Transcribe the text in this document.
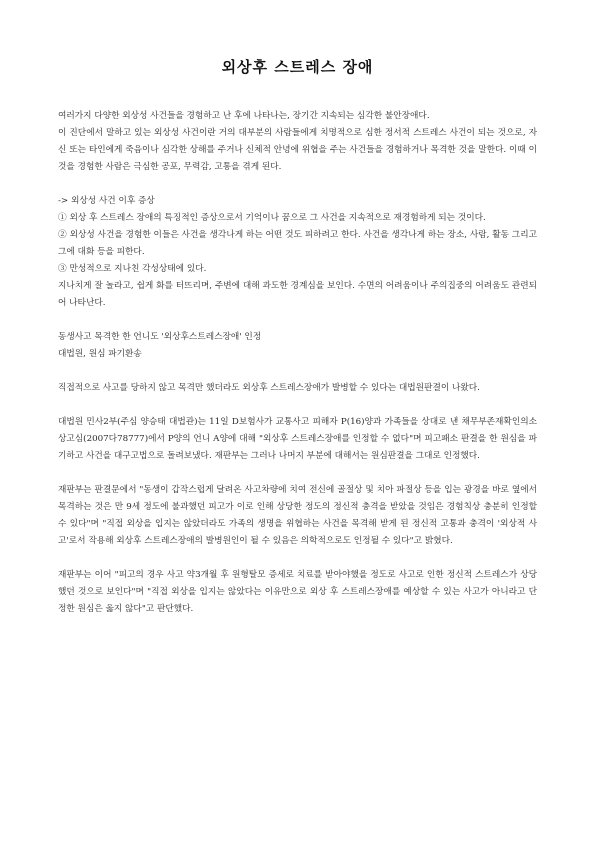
외상후 스트레스 장애

여러가지 다양한 외상성 사건들을 경험하고 난 후에 나타나는, 장기간 지속되는 심각한 불안장애다.

이 진단에서 말하고 있는 외상성 사건이란 거의 대부분의 사람들에게 치명적으로 심한 정서적 스트레스 사건이 되는 것으로, 자신 또는 타인에게 죽음이나 심각한 상해를 주거나 신체적 안녕에 위협을 주는 사건들을 경험하거나 목격한 것을 말한다. 이때 이것을 경험한 사람은 극심한 공포, 무력감, 고통을 겪게 된다.

-> 외상성 사건 이후 증상

① 외상 후 스트레스 장애의 특징적인 증상으로서 기억이나 꿈으로 그 사건을 지속적으로 재경험하게 되는 것이다.

② 외상성 사건을 경험한 이들은 사건을 생각나게 하는 어떤 것도 피하려고 한다. 사건을 생각나게 하는 장소, 사람, 활동 그리고 그에 대화 등을 피한다.

③ 만성적으로 지나친 각성상태에 있다.

지나치게 잘 놀라고, 쉽게 화를 터뜨리며, 주변에 대해 과도한 경계심을 보인다. 수면의 어려움이나 주의집중의 어려움도 관련되어 나타난다.

동생사고 목격한 한 언니도 '외상후스트레스장애' 인정

대법원, 원심 파기환송

직접적으로 사고를 당하지 않고 목격만 했더라도 외상후 스트레스장애가 발병할 수 있다는 대법원판결이 나왔다.

대법원 민사2부(주심 양승태 대법관)는 11일 D보험사가 교통사고 피해자 P(16)양과 가족들을 상대로 낸 채무부존재확인의소 상고심(2007다78777)에서 P양의 언니 A양에 대해 "외상후 스트레스장애를 인정할 수 없다"며 피고패소 판결을 한 원심을 파기하고 사건을 대구고법으로 돌려보냈다. 재판부는 그러나 나머지 부분에 대해서는 원심판결을 그대로 인정했다.

재판부는 판결문에서 "동생이 갑작스럽게 달려온 사고차량에 치여 전신에 골절상 및 치아 파절상 등을 입는 광경을 바로 옆에서 목격하는 것은 만 9세 정도에 불과했던 피고가 이로 인해 상당한 정도의 정신적 충격을 받았을 것임은 경험칙상 충분히 인정할 수 있다"며 "직접 외상을 입지는 않았더라도 가족의 생명을 위협하는 사건을 목격해 받게 된 정신적 고통과 충격이 '외상적 사고'로서 작용해 외상후 스트레스장애의 발병원인이 될 수 있음은 의학적으로도 인정될 수 있다"고 밝혔다.

재판부는 이어 "피고의 경우 사고 약3개월 후 원형탈모 증세로 치료를 받아야했을 정도로 사고로 인한 정신적 스트레스가 상당했던 것으로 보인다"며 "직접 외상을 입지는 않았다는 이유만으로 외상 후 스트레스장애를 예상할 수 있는 사고가 아니라고 단정한 원심은 옳지 않다"고 판단했다.
